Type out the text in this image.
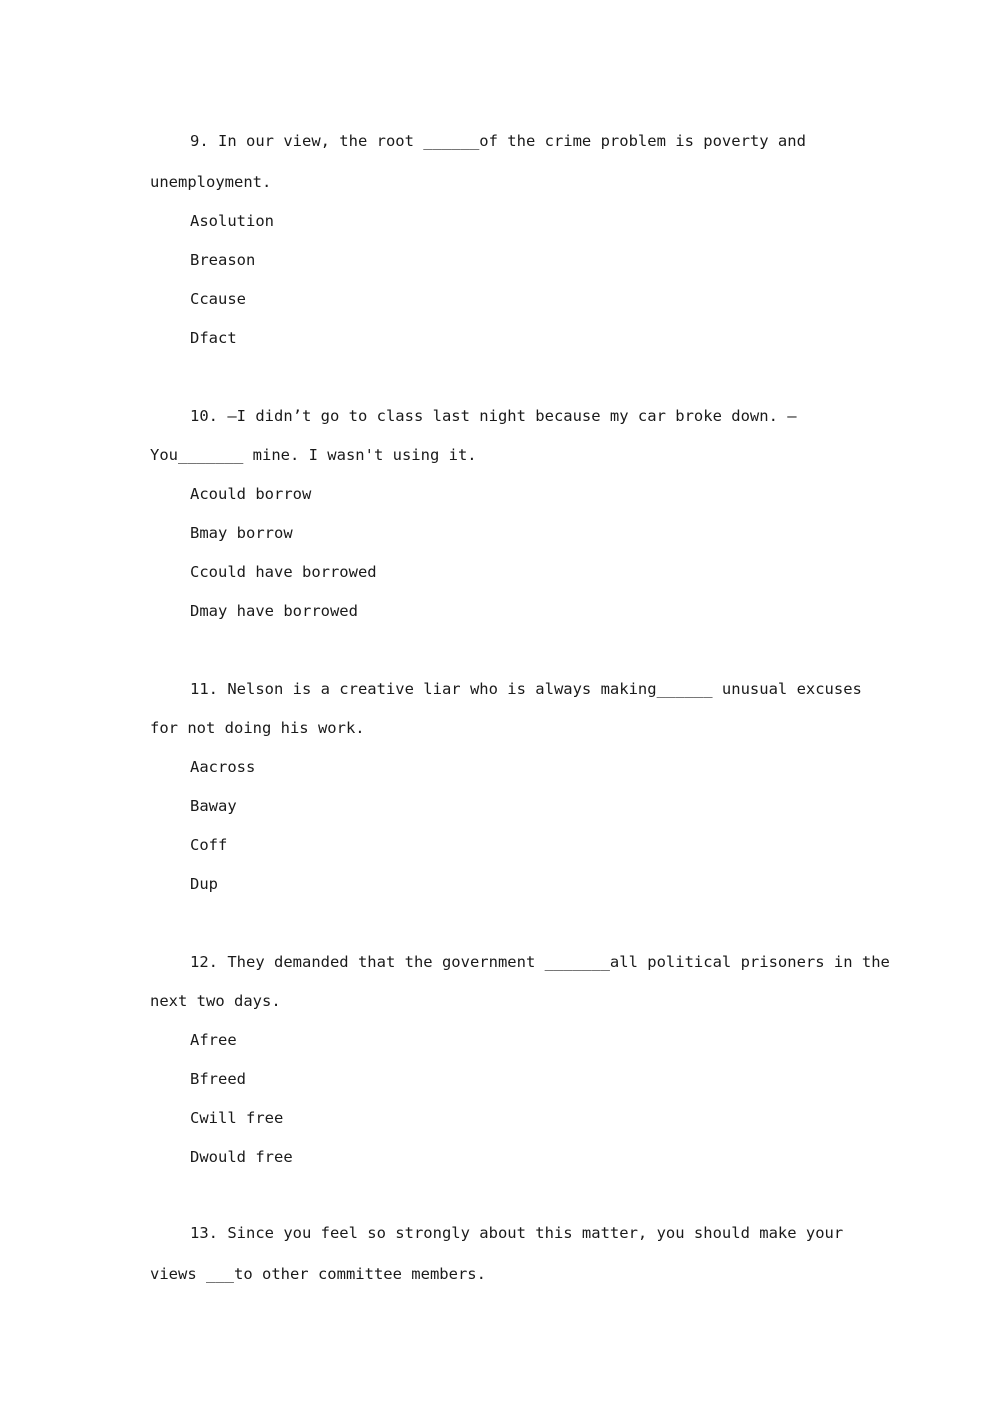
9. In our view, the root ______of the crime problem is poverty and
unemployment.
Asolution
Breason
Ccause
Dfact
10. —I didn’t go to class last night because my car broke down. —
You_______ mine. I wasn't using it.
Acould borrow
Bmay borrow
Ccould have borrowed
Dmay have borrowed
11. Nelson is a creative liar who is always making______ unusual excuses
for not doing his work.
Aacross
Baway
Coff
Dup
12. They demanded that the government _______all political prisoners in the
next two days.
Afree
Bfreed
Cwill free
Dwould free
13. Since you feel so strongly about this matter, you should make your
views ___to other committee members.
